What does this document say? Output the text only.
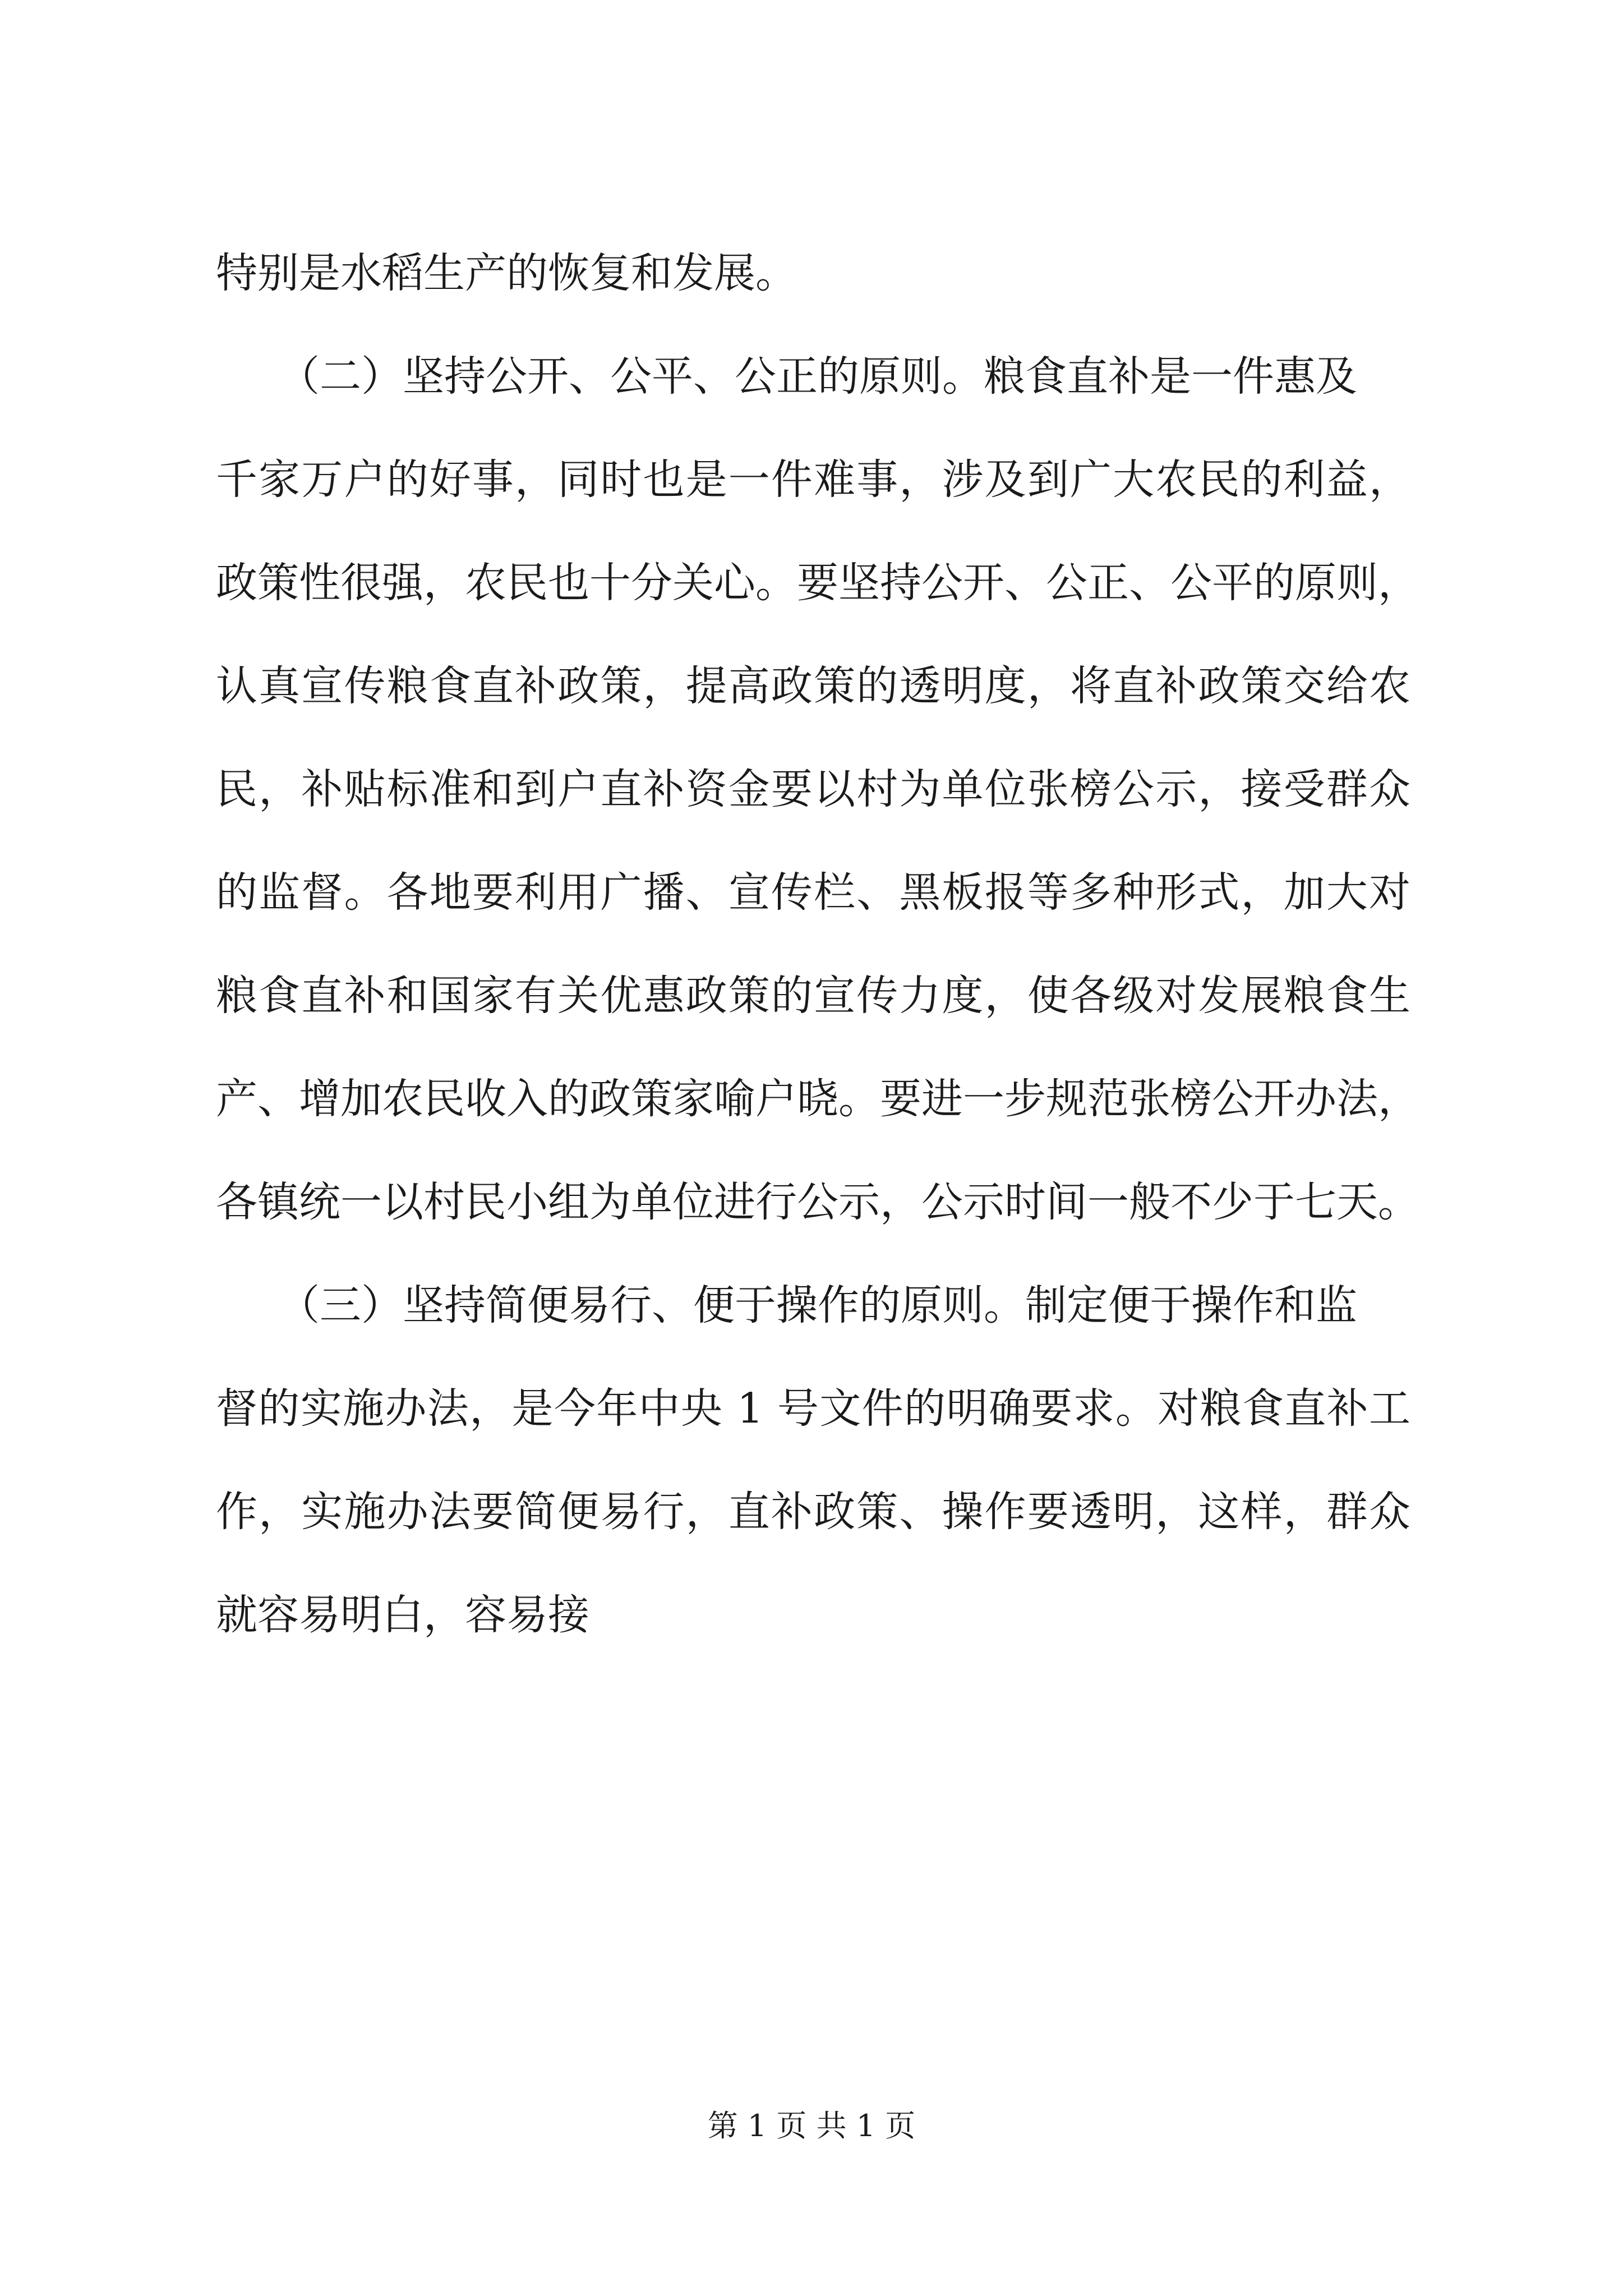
特别是水稻生产的恢复和发展。
　　（二）坚持公开、公平、公正的原则。粮食直补是一件惠及
千家万户的好事，同时也是一件难事，涉及到广大农民的利益，
政策性很强，农民也十分关心。要坚持公开、公正、公平的原则，
认真宣传粮食直补政策，提高政策的透明度，将直补政策交给农
民，补贴标准和到户直补资金要以村为单位张榜公示，接受群众
的监督。各地要利用广播、宣传栏、黑板报等多种形式，加大对
粮食直补和国家有关优惠政策的宣传力度，使各级对发展粮食生
产、增加农民收入的政策家喻户晓。要进一步规范张榜公开办法，
各镇统一以村民小组为单位进行公示，公示时间一般不少于七天。
　　（三）坚持简便易行、便于操作的原则。制定便于操作和监
督的实施办法，是今年中央 1 号文件的明确要求。对粮食直补工
作，实施办法要简便易行，直补政策、操作要透明，这样，群众
就容易明白，容易接
第 1 页 共 1 页
